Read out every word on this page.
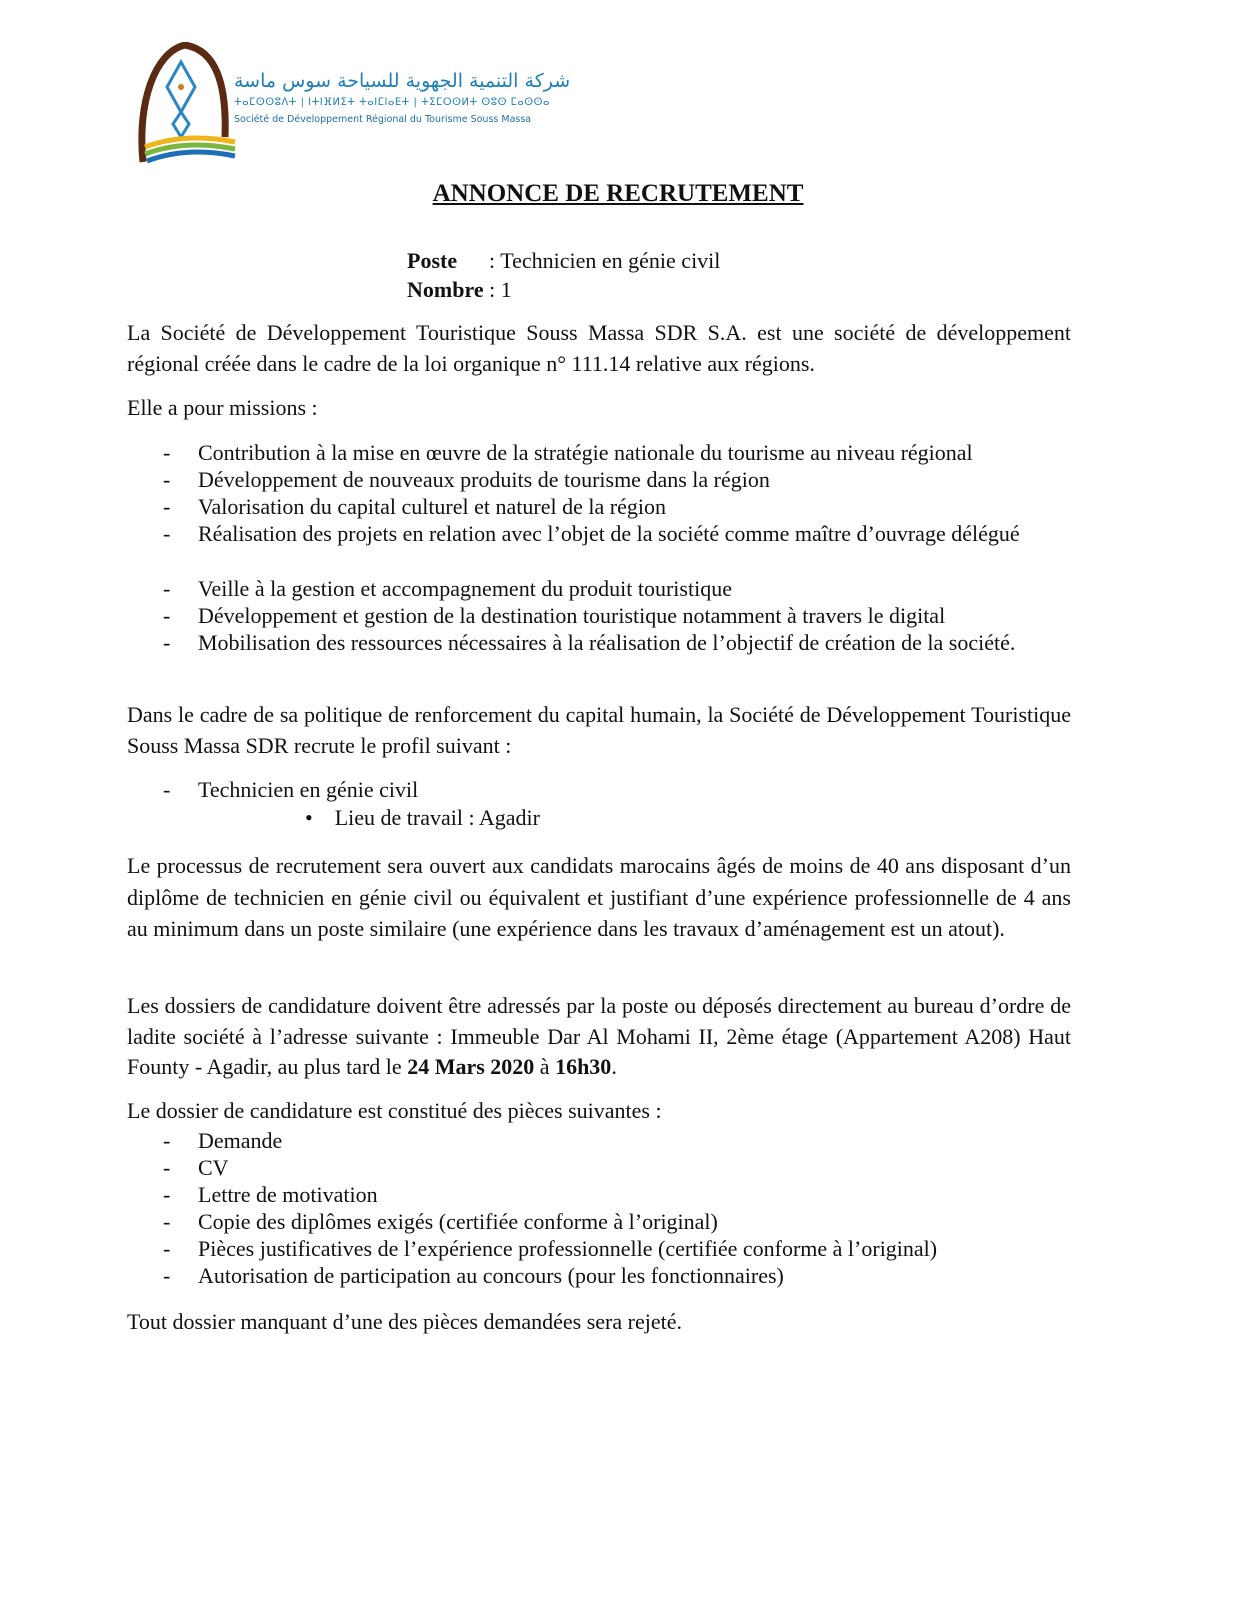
شركة التنمية الجهوية للسياحة سوس ماسة
ⵜⴰⵎⵙⵙⵓⴷⵜ | ⵏⵜⵏⴼⵍⵉⵜ ⵜⴰⵏⵎⵏⴰⴹⵜ | ⵜⵉⵎⵔⵙⵍⵜ ⵙⵓⵙ ⵎⴰⵙⵙⴰ
Société de Développement Régional du Tourisme Souss Massa
ANNONCE DE RECRUTEMENT
Poste : Technicien en génie civil
Nombre : 1
La Société de Développement Touristique Souss Massa SDR S.A. est une société de développement régional créée dans le cadre de la loi organique n° 111.14 relative aux régions.
Elle a pour missions :
- Contribution à la mise en œuvre de la stratégie nationale du tourisme au niveau régional
- Développement de nouveaux produits de tourisme dans la région
- Valorisation du capital culturel et naturel de la région
- Réalisation des projets en relation avec l’objet de la société comme maître d’ouvrage délégué
- Veille à la gestion et accompagnement du produit touristique
- Développement et gestion de la destination touristique notamment à travers le digital
- Mobilisation des ressources nécessaires à la réalisation de l’objectif de création de la société.
Dans le cadre de sa politique de renforcement du capital humain, la Société de Développement Touristique Souss Massa SDR recrute le profil suivant :
- Technicien en génie civil
• Lieu de travail : Agadir
Le processus de recrutement sera ouvert aux candidats marocains âgés de moins de 40 ans disposant d’un diplôme de technicien en génie civil ou équivalent et justifiant d’une expérience professionnelle de 4 ans au minimum dans un poste similaire (une expérience dans les travaux d’aménagement est un atout).
Les dossiers de candidature doivent être adressés par la poste ou déposés directement au bureau d’ordre de ladite société à l’adresse suivante : Immeuble Dar Al Mohami II, 2ème étage (Appartement A208) Haut Founty - Agadir, au plus tard le 24 Mars 2020 à 16h30.
Le dossier de candidature est constitué des pièces suivantes :
- Demande
- CV
- Lettre de motivation
- Copie des diplômes exigés (certifiée conforme à l’original)
- Pièces justificatives de l’expérience professionnelle (certifiée conforme à l’original)
- Autorisation de participation au concours (pour les fonctionnaires)
Tout dossier manquant d’une des pièces demandées sera rejeté.
